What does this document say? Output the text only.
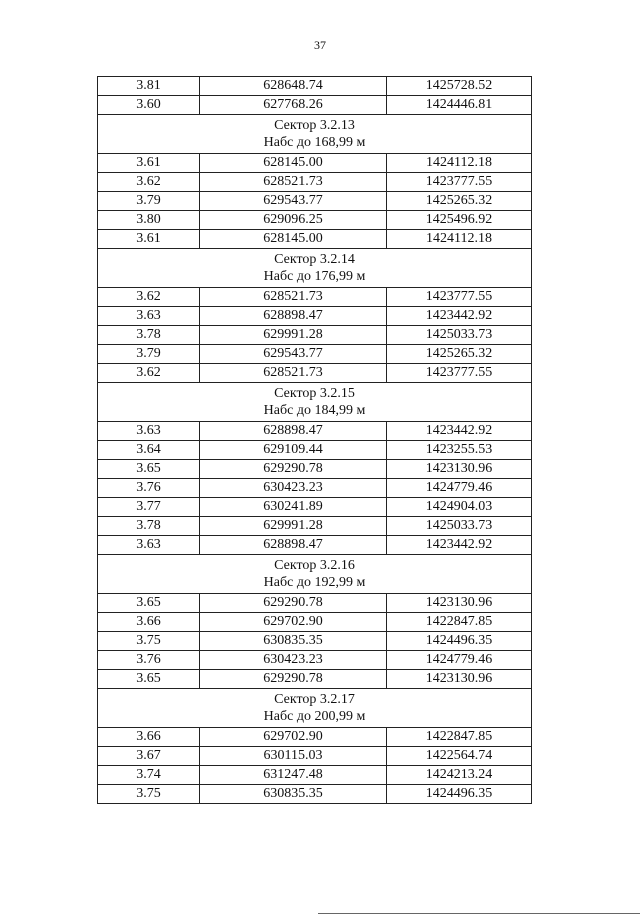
37
3.81	628648.74	1425728.52
3.60	627768.26	1424446.81

Сектор 3.2.13
Набс до 168,99 м		

3.61	628145.00	1424112.18
3.62	628521.73	1423777.55
3.79	629543.77	1425265.32
3.80	629096.25	1425496.92
3.61	628145.00	1424112.18

Сектор 3.2.14
Набс до 176,99 м		

3.62	628521.73	1423777.55
3.63	628898.47	1423442.92
3.78	629991.28	1425033.73
3.79	629543.77	1425265.32
3.62	628521.73	1423777.55

Сектор 3.2.15
Набс до 184,99 м		

3.63	628898.47	1423442.92
3.64	629109.44	1423255.53
3.65	629290.78	1423130.96
3.76	630423.23	1424779.46
3.77	630241.89	1424904.03
3.78	629991.28	1425033.73
3.63	628898.47	1423442.92

Сектор 3.2.16
Набс до 192,99 м		

3.65	629290.78	1423130.96
3.66	629702.90	1422847.85
3.75	630835.35	1424496.35
3.76	630423.23	1424779.46
3.65	629290.78	1423130.96

Сектор 3.2.17
Набс до 200,99 м		

3.66	629702.90	1422847.85
3.67	630115.03	1422564.74
3.74	631247.48	1424213.24
3.75	630835.35	1424496.35
